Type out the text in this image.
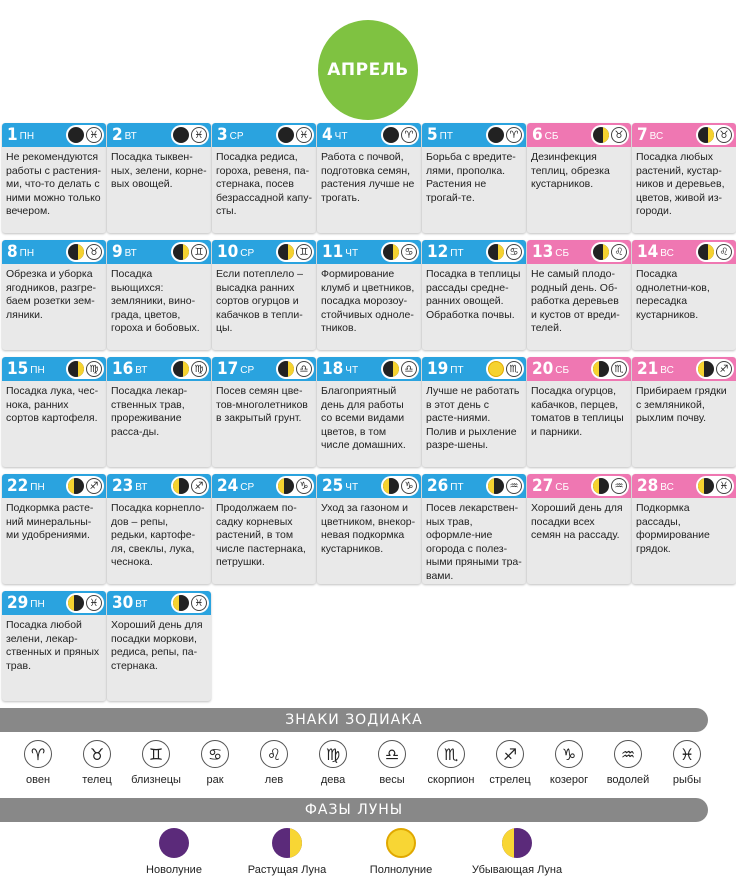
АПРЕЛЬ
1 ПН	♓
Не рекомендуются работы с растения-ми, что-то делать с ними можно только вечером.
2 ВТ	♓
Посадка тыквен-ных, зелени, корне-вых овощей.
3 СР	♓
Посадка редиса, гороха, ревеня, па-стернака, посев безрассадной капу-сты.
4 ЧТ	♈
Работа с почвой, подготовка семян, растения лучше не трогать.
5 ПТ	♈
Борьба с вредите-лями, прополка. Растения не трогай-те.
6 СБ	♉
Дезинфекция теплиц, обрезка кустарников.
7 ВС	♉
Посадка любых растений, кустар-ников и деревьев, цветов, живой из-городи.
8 ПН	♉
Обрезка и уборка ягодников, разгре-баем розетки зем-ляники.
9 ВТ	♊
Посадка вьющихся: земляники, вино-града, цветов, гороха и бобовых.
10 СР	♊
Если потеплело – высадка ранних сортов огурцов и кабачков в тепли-цы.
11 ЧТ	♋
Формирование клумб и цветников, посадка морозоу-стойчивых одноле-тников.
12 ПТ	♋
Посадка в теплицы рассады средне-ранних овощей. Обработка почвы.
13 СБ	♌
Не самый плодо-родный день. Об-работка деревьев и кустов от вреди-телей.
14 ВС	♌
Посадка однолетни-ков, пересадка кустарников.
15 ПН	♍
Посадка лука, чес-нока, ранних сортов картофеля.
16 ВТ	♍
Посадка лекар-ственных трав, прореживание расса-ды.
17 СР	♎
Посев семян цве-тов-многолетников в закрытый грунт.
18 ЧТ	♎
Благоприятный день для работы со всеми видами цветов, в том числе домашних.
19 ПТ	♏
Лучше не работать в этот день с расте-ниями. Полив и рыхление разре-шены.
20 СБ	♏
Посадка огурцов, кабачков, перцев, томатов в теплицы и парники.
21 ВС	♐
Прибираем грядки с земляникой, рыхлим почву.
22 ПН	♐
Подкормка расте-ний минеральны-ми удобрениями.
23 ВТ	♐
Посадка корнепло-дов – репы, редьки, картофе-ля, свеклы, лука, чеснока.
24 СР	♑
Продолжаем по-садку корневых растений, в том числе пастернака, петрушки.
25 ЧТ	♑
Уход за газоном и цветником, внекор-невая подкормка кустарников.
26 ПТ	♒
Посев лекарствен-ных трав, оформле-ние огорода с полез-ными пряными тра-вами.
27 СБ	♒
Хороший день для посадки всех семян на рассаду.
28 ВС	♓
Подкормка рассады, формирование грядок.
29 ПН	♓
Посадка любой зелени, лекар-ственных и пряных трав.
30 ВТ	♓
Хороший день для посадки моркови, редиса, репы, па-стернака.
ЗНАКИ ЗОДИАКА
♈
овен
♉
телец
♊
близнецы
♋
рак
♌
лев
♍
дева
♎
весы
♏
скорпион
♐
стрелец
♑
козерог
♒
водолей
♓
рыбы
ФАЗЫ ЛУНЫ
Новолуние	Растущая Луна	Полнолуние	Убывающая Луна
